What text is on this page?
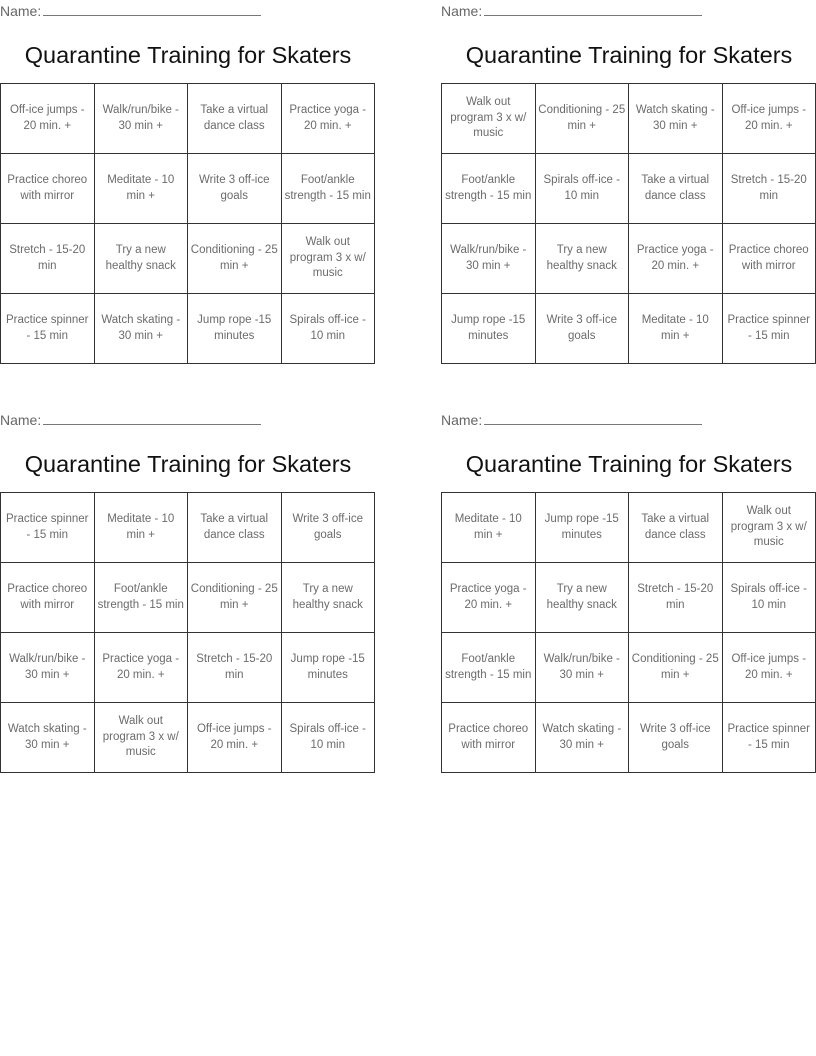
Name:
Quarantine Training for Skaters
Off-ice jumps - 20 min. +	Walk/run/bike - 30 min +	Take a virtual dance class	Practice yoga - 20 min. +
Practice choreo with mirror	Meditate - 10 min +	Write 3 off-ice goals	Foot/ankle strength - 15 min
Stretch - 15-20 min	Try a new healthy snack	Conditioning - 25 min +	Walk out program 3 x w/ music
Practice spinner - 15 min	Watch skating - 30 min +	Jump rope -15 minutes	Spirals off-ice - 10 min
Name:
Quarantine Training for Skaters
Walk out program 3 x w/ music	Conditioning - 25 min +	Watch skating - 30 min +	Off-ice jumps - 20 min. +
Foot/ankle strength - 15 min	Spirals off-ice - 10 min	Take a virtual dance class	Stretch - 15-20 min
Walk/run/bike - 30 min +	Try a new healthy snack	Practice yoga - 20 min. +	Practice choreo with mirror
Jump rope -15 minutes	Write 3 off-ice goals	Meditate - 10 min +	Practice spinner - 15 min
Name:
Quarantine Training for Skaters
Practice spinner - 15 min	Meditate - 10 min +	Take a virtual dance class	Write 3 off-ice goals
Practice choreo with mirror	Foot/ankle strength - 15 min	Conditioning - 25 min +	Try a new healthy snack
Walk/run/bike - 30 min +	Practice yoga - 20 min. +	Stretch - 15-20 min	Jump rope -15 minutes
Watch skating - 30 min +	Walk out program 3 x w/ music	Off-ice jumps - 20 min. +	Spirals off-ice - 10 min
Name:
Quarantine Training for Skaters
Meditate - 10 min +	Jump rope -15 minutes	Take a virtual dance class	Walk out program 3 x w/ music
Practice yoga - 20 min. +	Try a new healthy snack	Stretch - 15-20 min	Spirals off-ice - 10 min
Foot/ankle strength - 15 min	Walk/run/bike - 30 min +	Conditioning - 25 min +	Off-ice jumps - 20 min. +
Practice choreo with mirror	Watch skating - 30 min +	Write 3 off-ice goals	Practice spinner - 15 min
